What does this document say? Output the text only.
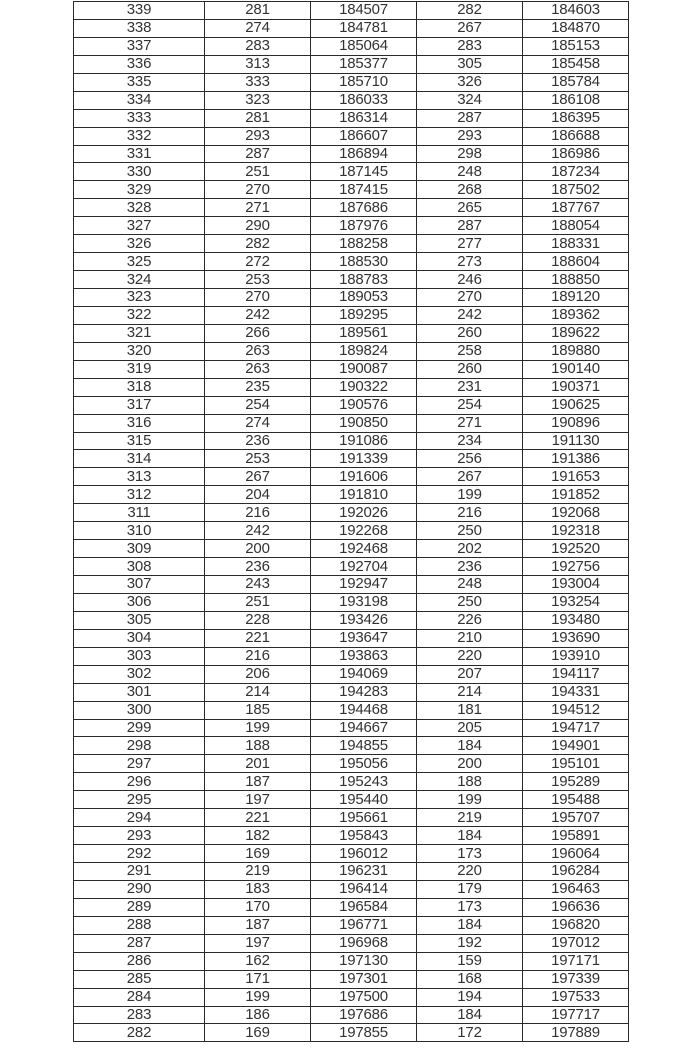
339	281	184507	282	184603
338	274	184781	267	184870
337	283	185064	283	185153
336	313	185377	305	185458
335	333	185710	326	185784
334	323	186033	324	186108
333	281	186314	287	186395
332	293	186607	293	186688
331	287	186894	298	186986
330	251	187145	248	187234
329	270	187415	268	187502
328	271	187686	265	187767
327	290	187976	287	188054
326	282	188258	277	188331
325	272	188530	273	188604
324	253	188783	246	188850
323	270	189053	270	189120
322	242	189295	242	189362
321	266	189561	260	189622
320	263	189824	258	189880
319	263	190087	260	190140
318	235	190322	231	190371
317	254	190576	254	190625
316	274	190850	271	190896
315	236	191086	234	191130
314	253	191339	256	191386
313	267	191606	267	191653
312	204	191810	199	191852
311	216	192026	216	192068
310	242	192268	250	192318
309	200	192468	202	192520
308	236	192704	236	192756
307	243	192947	248	193004
306	251	193198	250	193254
305	228	193426	226	193480
304	221	193647	210	193690
303	216	193863	220	193910
302	206	194069	207	194117
301	214	194283	214	194331
300	185	194468	181	194512
299	199	194667	205	194717
298	188	194855	184	194901
297	201	195056	200	195101
296	187	195243	188	195289
295	197	195440	199	195488
294	221	195661	219	195707
293	182	195843	184	195891
292	169	196012	173	196064
291	219	196231	220	196284
290	183	196414	179	196463
289	170	196584	173	196636
288	187	196771	184	196820
287	197	196968	192	197012
286	162	197130	159	197171
285	171	197301	168	197339
284	199	197500	194	197533
283	186	197686	184	197717
282	169	197855	172	197889
